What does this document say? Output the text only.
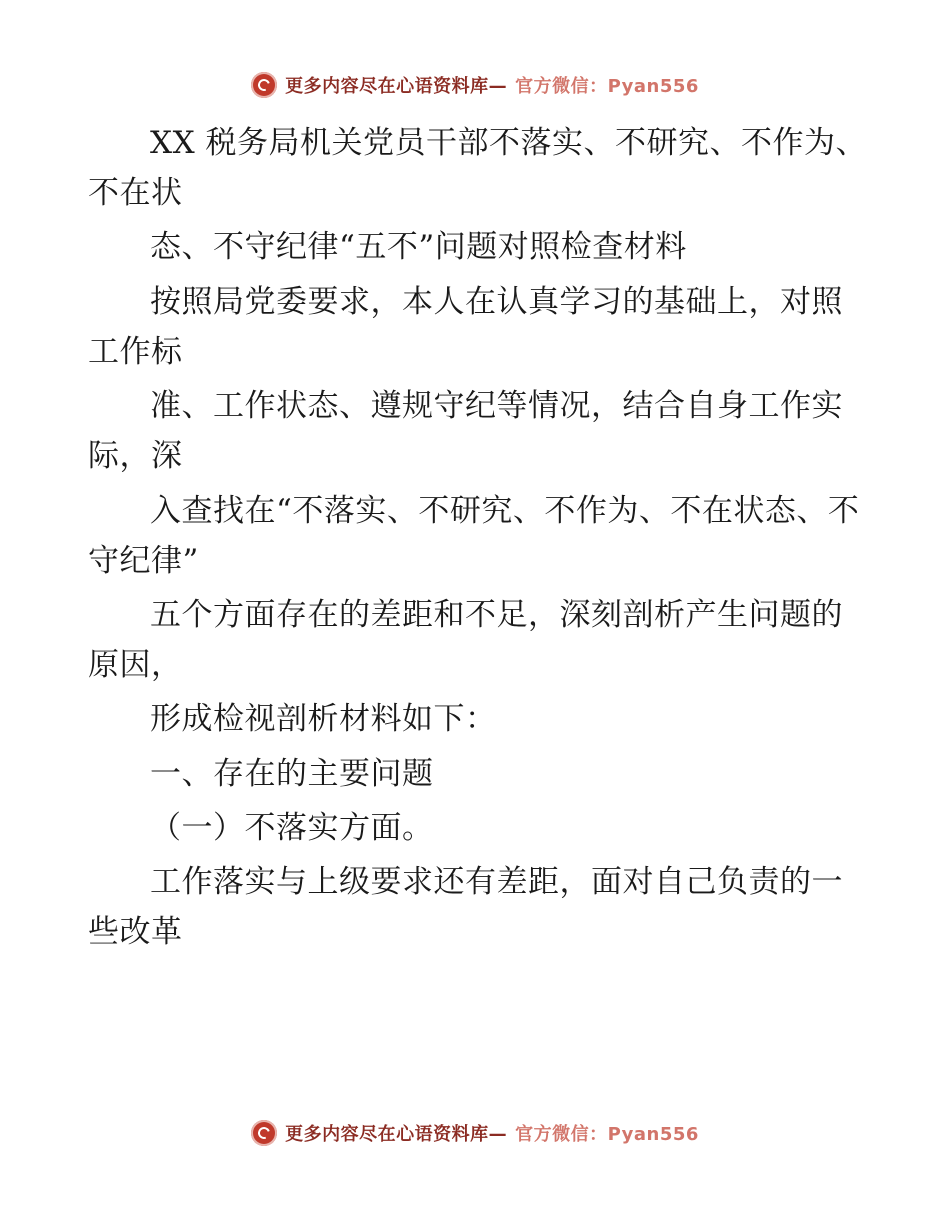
更多内容尽在心语资料库— 官方微信：Pyan556

XX 税务局机关党员干部不落实、不研究、不作为、不在状

态、不守纪律“五不”问题对照检查材料

按照局党委要求，本人在认真学习的基础上，对照工作标

准、工作状态、遵规守纪等情况，结合自身工作实际，深

入查找在“不落实、不研究、不作为、不在状态、不守纪律”

五个方面存在的差距和不足，深刻剖析产生问题的原因，

形成检视剖析材料如下：

一、存在的主要问题

（一）不落实方面。

工作落实与上级要求还有差距，面对自己负责的一些改革

更多内容尽在心语资料库— 官方微信：Pyan556
